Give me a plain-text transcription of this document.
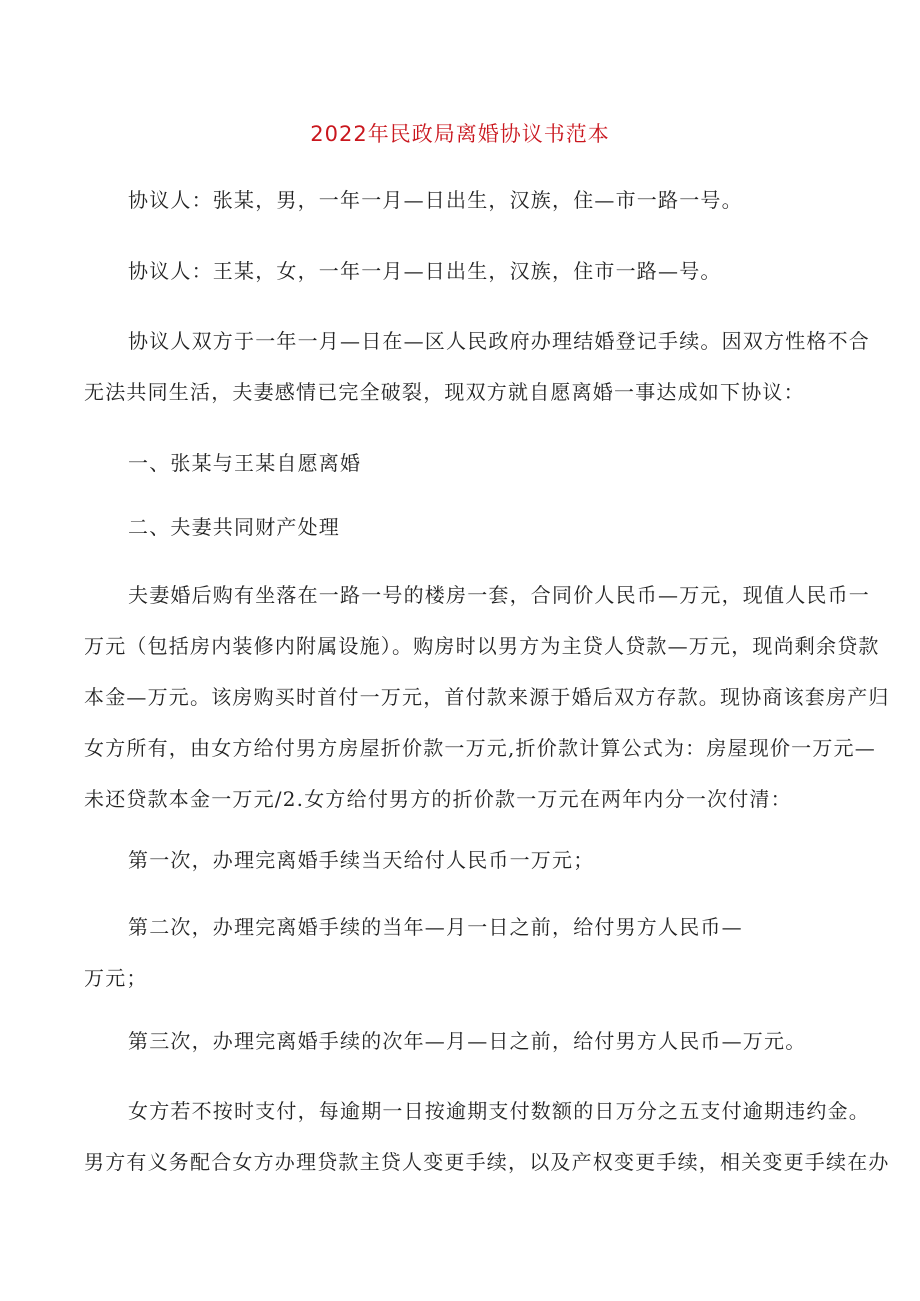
2022年民政局离婚协议书范本
协议人：张某，男，一年一月—日出生，汉族，住—市一路一号。
协议人：王某，女，一年一月—日出生，汉族，住市一路—号。
协议人双方于一年一月—日在—区人民政府办理结婚登记手续。因双方性格不合
无法共同生活，夫妻感情已完全破裂，现双方就自愿离婚一事达成如下协议：
一、张某与王某自愿离婚
二、夫妻共同财产处理
夫妻婚后购有坐落在一路一号的楼房一套，合同价人民币—万元，现值人民币一
万元（包括房内装修内附属设施）。购房时以男方为主贷人贷款—万元，现尚剩余贷款
本金—万元。该房购买时首付一万元，首付款来源于婚后双方存款。现协商该套房产归
女方所有，由女方给付男方房屋折价款一万元,折价款计算公式为：房屋现价一万元—
未还贷款本金一万元/2.女方给付男方的折价款一万元在两年内分一次付清：
第一次，办理完离婚手续当天给付人民币一万元；
第二次，办理完离婚手续的当年—月一日之前，给付男方人民币—
万元；
第三次，办理完离婚手续的次年—月—日之前，给付男方人民币—万元。
女方若不按时支付，每逾期一日按逾期支付数额的日万分之五支付逾期违约金。
男方有义务配合女方办理贷款主贷人变更手续，以及产权变更手续，相关变更手续在办
